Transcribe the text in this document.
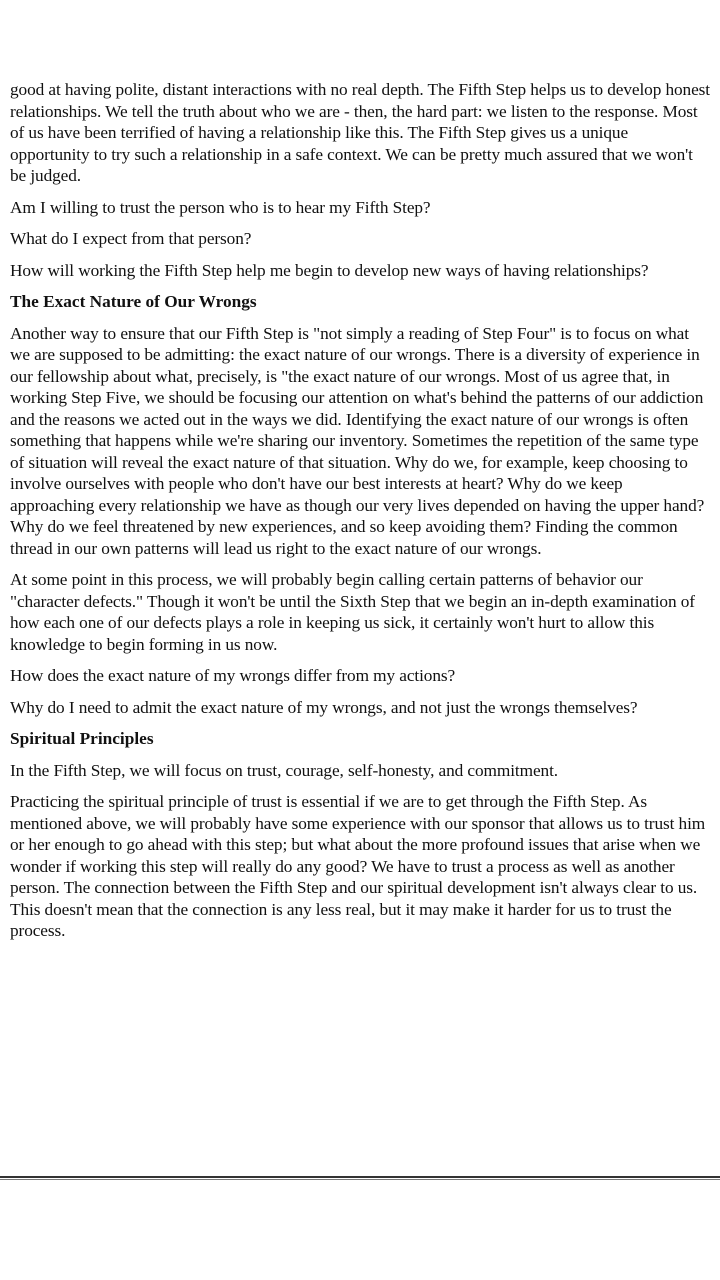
good at having polite, distant interactions with no real depth. The Fifth Step helps us to develop honest relationships. We tell the truth about who we are - then, the hard part: we listen to the response. Most of us have been terrified of having a relationship like this. The Fifth Step gives us a unique opportunity to try such a relationship in a safe context. We can be pretty much assured that we won't be judged.

Am I willing to trust the person who is to hear my Fifth Step?

What do I expect from that person?

How will working the Fifth Step help me begin to develop new ways of having relationships?

The Exact Nature of Our Wrongs

Another way to ensure that our Fifth Step is "not simply a reading of Step Four" is to focus on what we are supposed to be admitting: the exact nature of our wrongs. There is a diversity of experience in our fellowship about what, precisely, is "the exact nature of our wrongs. Most of us agree that, in working Step Five, we should be focusing our attention on what's behind the patterns of our addiction and the reasons we acted out in the ways we did. Identifying the exact nature of our wrongs is often something that happens while we're sharing our inventory. Sometimes the repetition of the same type of situation will reveal the exact nature of that situation. Why do we, for example, keep choosing to involve ourselves with people who don't have our best interests at heart? Why do we keep approaching every relationship we have as though our very lives depended on having the upper hand? Why do we feel threatened by new experiences, and so keep avoiding them? Finding the common thread in our own patterns will lead us right to the exact nature of our wrongs.

At some point in this process, we will probably begin calling certain patterns of behavior our "character defects." Though it won't be until the Sixth Step that we begin an in-depth examination of how each one of our defects plays a role in keeping us sick, it certainly won't hurt to allow this knowledge to begin forming in us now.

How does the exact nature of my wrongs differ from my actions?

Why do I need to admit the exact nature of my wrongs, and not just the wrongs themselves?

Spiritual Principles

In the Fifth Step, we will focus on trust, courage, self-honesty, and commitment.

Practicing the spiritual principle of trust is essential if we are to get through the Fifth Step. As mentioned above, we will probably have some experience with our sponsor that allows us to trust him or her enough to go ahead with this step; but what about the more profound issues that arise when we wonder if working this step will really do any good? We have to trust a process as well as another person. The connection between the Fifth Step and our spiritual development isn't always clear to us. This doesn't mean that the connection is any less real, but it may make it harder for us to trust the process.
